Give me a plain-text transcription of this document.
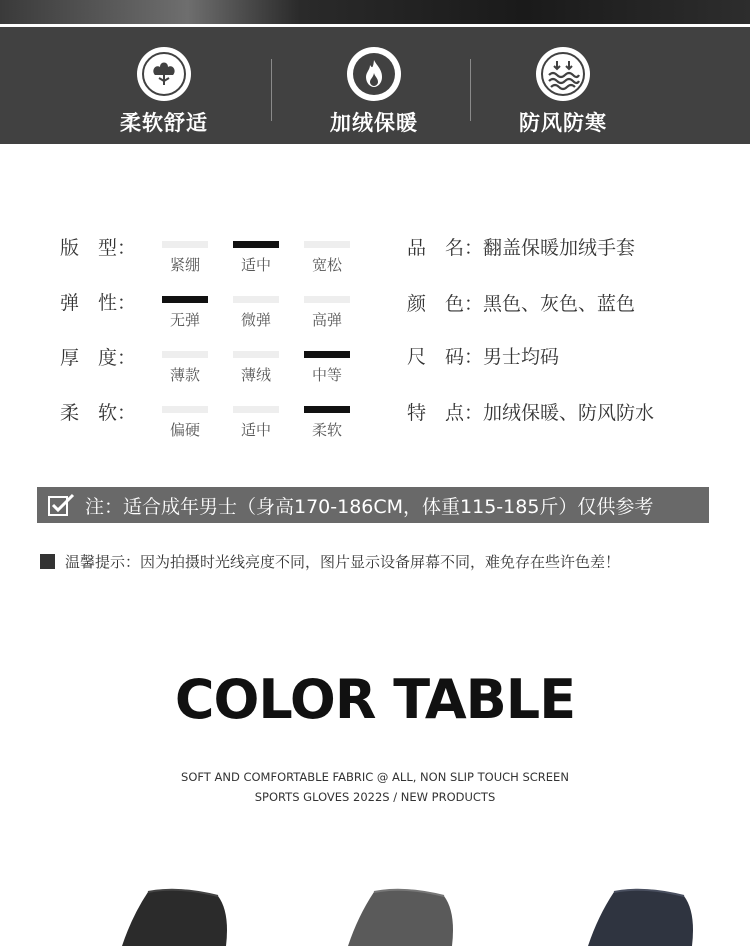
柔软舒适	加绒保暖	防风防寒
版　型：
紧绷	适中	宽松
弹　性：
无弹	微弹	高弹
厚　度：
薄款	薄绒	中等
柔　软：
偏硬	适中	柔软
品　名：翻盖保暖加绒手套
颜　色：黑色、灰色、蓝色
尺　码：男士均码
特　点：加绒保暖、防风防水
注：适合成年男士（身高170-186CM，体重115-185斤）仅供参考
温馨提示：因为拍摄时光线亮度不同，图片显示设备屏幕不同，难免存在些许色差！
COLOR TABLE
SOFT AND COMFORTABLE FABRIC @ ALL, NON SLIP TOUCH SCREEN
SPORTS GLOVES 2022S / NEW PRODUCTS
